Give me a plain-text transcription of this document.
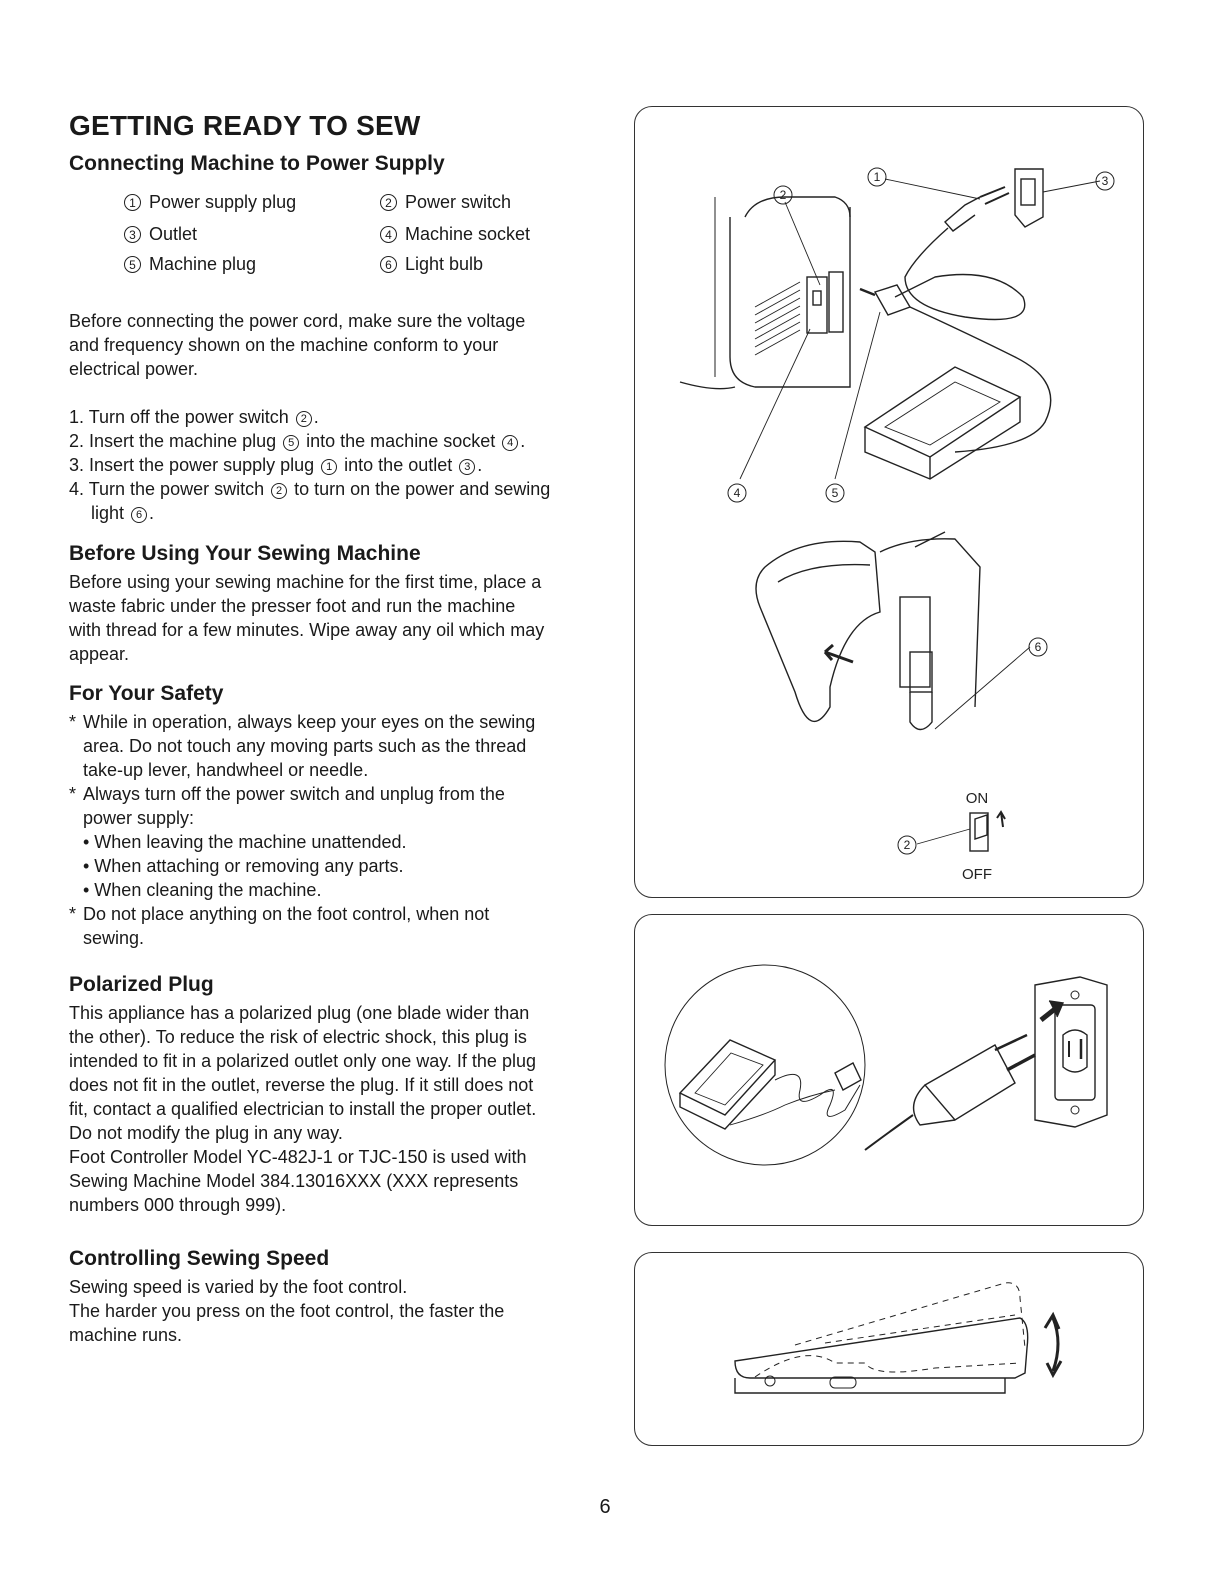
GETTING READY TO SEW
Connecting Machine to Power Supply
1 Power supply plug	2 Power switch
3 Outlet	4 Machine socket
5 Machine plug	6 Light bulb

Before connecting the power cord, make sure the voltage

and frequency shown on the machine conform to your

electrical power.

1. Turn off the power switch 2 .
2. Insert the machine plug 5 into the machine socket 4 .
3. Insert the power supply plug 1 into the outlet 3 .
4. Turn the power switch 2 to turn on the power and sewing
light 6 .
Before Using Your Sewing Machine

Before using your sewing machine for the first time, place a

waste fabric under the presser foot and run the machine

with thread for a few minutes. Wipe away any oil which may

appear.

For Your Safety
* While in operation, always keep your eyes on the sewing
area. Do not touch any moving parts such as the thread
take-up lever, handwheel or needle.
* Always turn off the power switch and unplug from the
power supply:
• When leaving the machine unattended.
• When attaching or removing any parts.
• When cleaning the machine.
* Do not place anything on the foot control, when not
sewing.
Polarized Plug

This appliance has a polarized plug (one blade wider than

the other). To reduce the risk of electric shock, this plug is

intended to fit in a polarized outlet only one way. If the plug

does not fit in the outlet, reverse the plug. If it still does not

fit, contact a qualified electrician to install the proper outlet.

Do not modify the plug in any way.

Foot Controller Model YC-482J-1 or TJC-150 is used with

Sewing Machine Model 384.13016XXX (XXX represents

numbers 000 through 999).

Controlling Sewing Speed

Sewing speed is varied by the foot control.

The harder you press on the foot control, the faster the

machine runs.

1
2
3
4	5
6
2
ON
OFF
6
